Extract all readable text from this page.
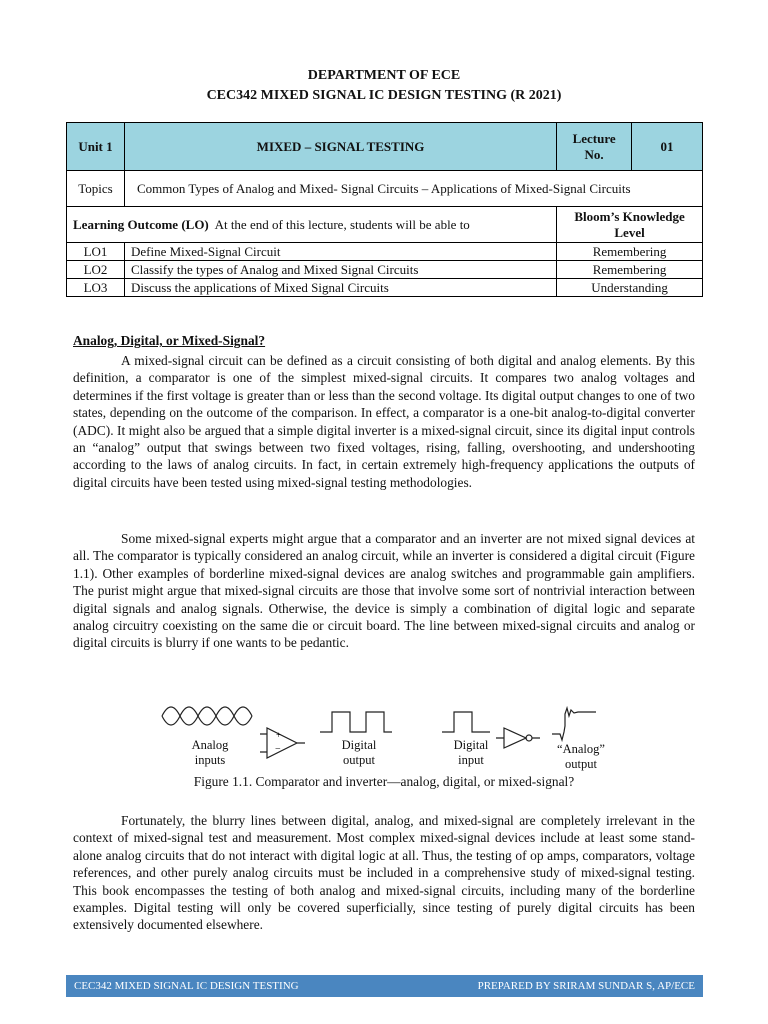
DEPARTMENT OF ECE
CEC342 MIXED SIGNAL IC DESIGN TESTING (R 2021)
Unit 1	MIXED – SIGNAL TESTING	Lecture No.	01
Topics	Common Types of Analog and Mixed- Signal Circuits – Applications of Mixed-Signal Circuits		
Learning Outcome (LO) At the end of this lecture, students will be able to		Bloom’s Knowledge Level	
LO1	Define Mixed-Signal Circuit	Remembering	
LO2	Classify the types of Analog and Mixed Signal Circuits	Remembering	
LO3	Discuss the applications of Mixed Signal Circuits	Understanding	
Analog, Digital, or Mixed-Signal?
A mixed-signal circuit can be defined as a circuit consisting of both digital and analog elements. By this definition, a comparator is one of the simplest mixed-signal circuits. It compares two analog voltages and determines if the first voltage is greater than or less than the second voltage. Its digital output changes to one of two states, depending on the outcome of the comparison. In effect, a comparator is a one-bit analog-to-digital converter (ADC). It might also be argued that a simple digital inverter is a mixed-signal circuit, since its digital input controls an “analog” output that swings between two fixed voltages, rising, falling, overshooting, and undershooting according to the laws of analog circuits. In fact, in certain extremely high-frequency applications the outputs of digital circuits have been tested using mixed-signal testing methodologies.
Some mixed-signal experts might argue that a comparator and an inverter are not mixed signal devices at all. The comparator is typically considered an analog circuit, while an inverter is considered a digital circuit (Figure 1.1). Other examples of borderline mixed-signal devices are analog switches and programmable gain amplifiers. The purist might argue that mixed-signal circuits are those that involve some sort of nontrivial interaction between digital signals and analog signals. Otherwise, the device is simply a combination of digital logic and separate analog circuitry coexisting on the same die or circuit board. The line between mixed-signal circuits and analog or digital circuits is blurry if one wants to be pedantic.
+
−
Analog inputs
Digital output
Digital input
“Analog” output
Figure 1.1. Comparator and inverter—analog, digital, or mixed-signal?
Fortunately, the blurry lines between digital, analog, and mixed-signal are completely irrelevant in the context of mixed-signal test and measurement. Most complex mixed-signal devices include at least some stand-alone analog circuits that do not interact with digital logic at all. Thus, the testing of op amps, comparators, voltage references, and other purely analog circuits must be included in a comprehensive study of mixed-signal testing. This book encompasses the testing of both analog and mixed-signal circuits, including many of the borderline examples. Digital testing will only be covered superficially, since testing of purely digital circuits has been extensively documented elsewhere.
CEC342 MIXED SIGNAL IC DESIGN TESTING	PREPARED BY SRIRAM SUNDAR S, AP/ECE
